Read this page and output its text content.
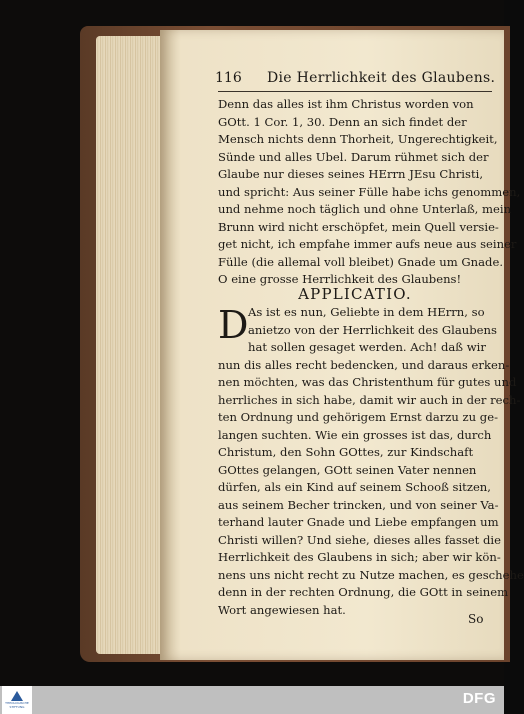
116 Die Herrlichkeit des Glaubens.
Denn das alles ist ihm Christus worden von
GOtt. 1 Cor. 1, 30. Denn an sich findet der
Mensch nichts denn Thorheit, Ungerechtigkeit,
Sünde und alles Ubel. Darum rühmet sich der
Glaube nur dieses seines HErrn JEsu Christi,
und spricht: Aus seiner Fülle habe ichs genommen,
und nehme noch täglich und ohne Unterlaß, mein
Brunn wird nicht erschöpfet, mein Quell versie-
get nicht, ich empfahe immer aufs neue aus seiner
Fülle (die allemal voll bleibet) Gnade um Gnade.
O eine grosse Herrlichkeit des Glaubens!
APPLICATIO.
D As ist es nun, Geliebte in dem HErrn, so
anietzo von der Herrlichkeit des Glaubens
hat sollen gesaget werden. Ach! daß wir
nun dis alles recht bedencken, und daraus erken-
nen möchten, was das Christenthum für gutes und
herrliches in sich habe, damit wir auch in der rech-
ten Ordnung und gehörigem Ernst darzu zu ge-
langen suchten. Wie ein grosses ist das, durch
Christum, den Sohn GOttes, zur Kindschaft
GOttes gelangen, GOtt seinen Vater nennen
dürfen, als ein Kind auf seinem Schooß sitzen,
aus seinem Becher trincken, und von seiner Va-
terhand lauter Gnade und Liebe empfangen um
Christi willen? Und siehe, dieses alles fasset die
Herrlichkeit des Glaubens in sich; aber wir kön-
nens uns nicht recht zu Nutze machen, es geschehe
denn in der rechten Ordnung, die GOtt in seinem
Wort angewiesen hat.
So
THEOLOGISCHE STIFTUNG	DFG
